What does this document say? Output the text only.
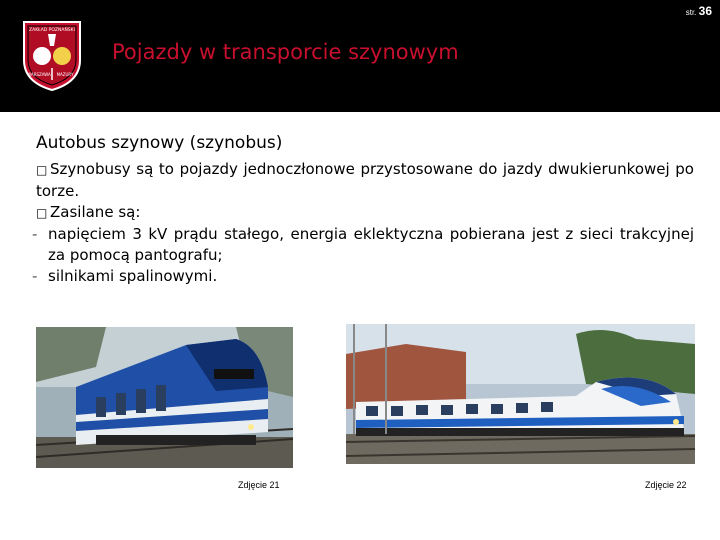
str. 36
ZAKŁAD POZNAŃSKI
WARSZAWA MAZURY
Pojazdy w transporcie szynowym
Autobus szynowy (szynobus)
□ Szynobusy są to pojazdy jednoczłonowe przystosowane do jazdy dwukierunkowej po torze.
□ Zasilane są:
- napięciem 3 kV prądu stałego, energia eklektyczna pobierana jest z sieci trakcyjnej za pomocą pantografu;
- silnikami spalinowymi.
Zdjęcie 21	Zdjęcie 22
